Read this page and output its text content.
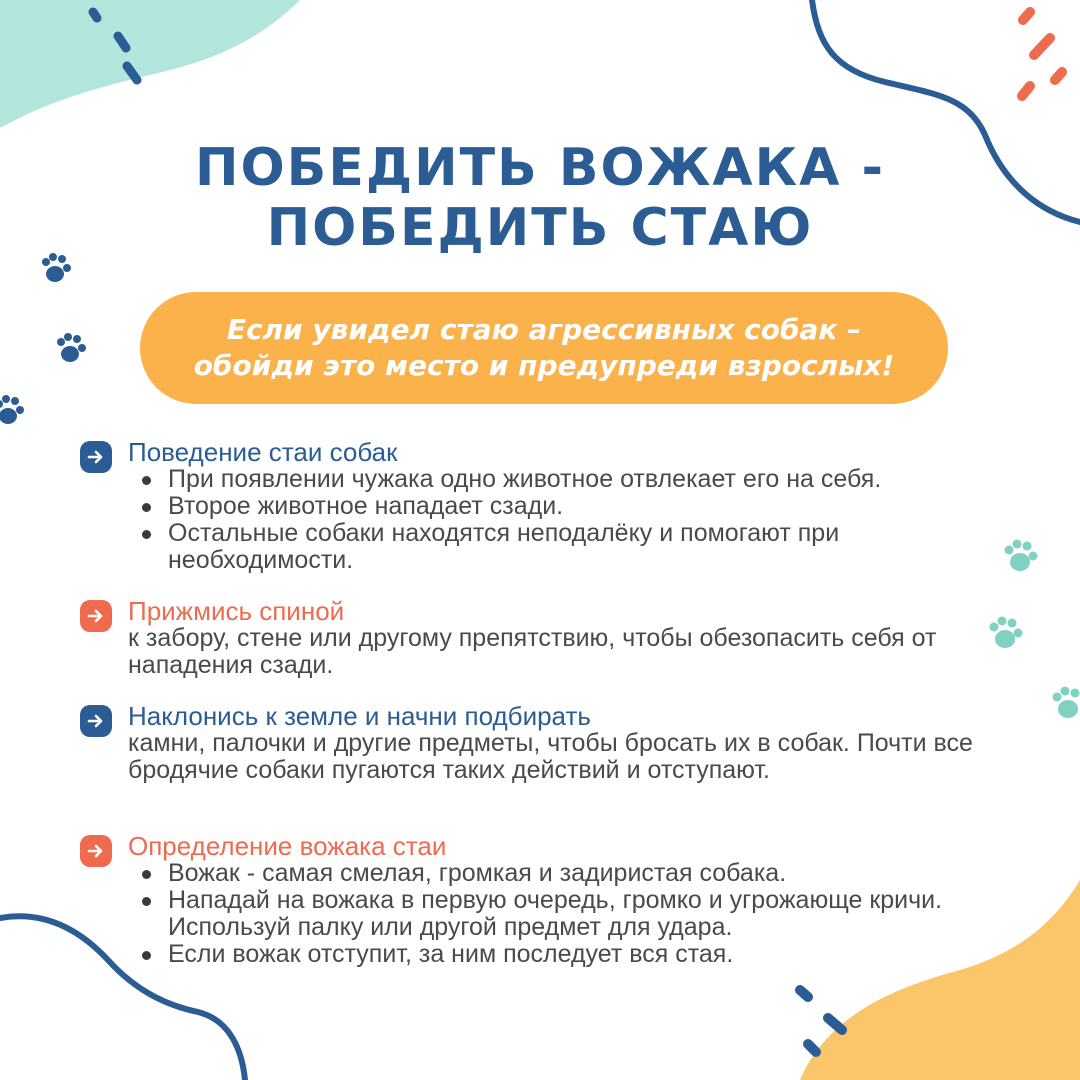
ПОБЕДИТЬ ВОЖАКА -
ПОБЕДИТЬ СТАЮ
Если увидел стаю агрессивных собак –
обойди это место и предупреди взрослых!
Поведение стаи собак
При появлении чужака одно животное отвлекает его на себя.
Второе животное нападает сзади.
Остальные собаки находятся неподалёку и помогают при необходимости.
Прижмись спиной

к забору, стене или другому препятствию, чтобы обезопасить себя от нападения сзади.

Наклонись к земле и начни подбирать

камни, палочки и другие предметы, чтобы бросать их в собак. Почти все бродячие собаки пугаются таких действий и отступают.

Определение вожака стаи
Вожак - самая смелая, громкая и задиристая собака.
Нападай на вожака в первую очередь, громко и угрожающе кричи. Используй палку или другой предмет для удара.
Если вожак отступит, за ним последует вся стая.
